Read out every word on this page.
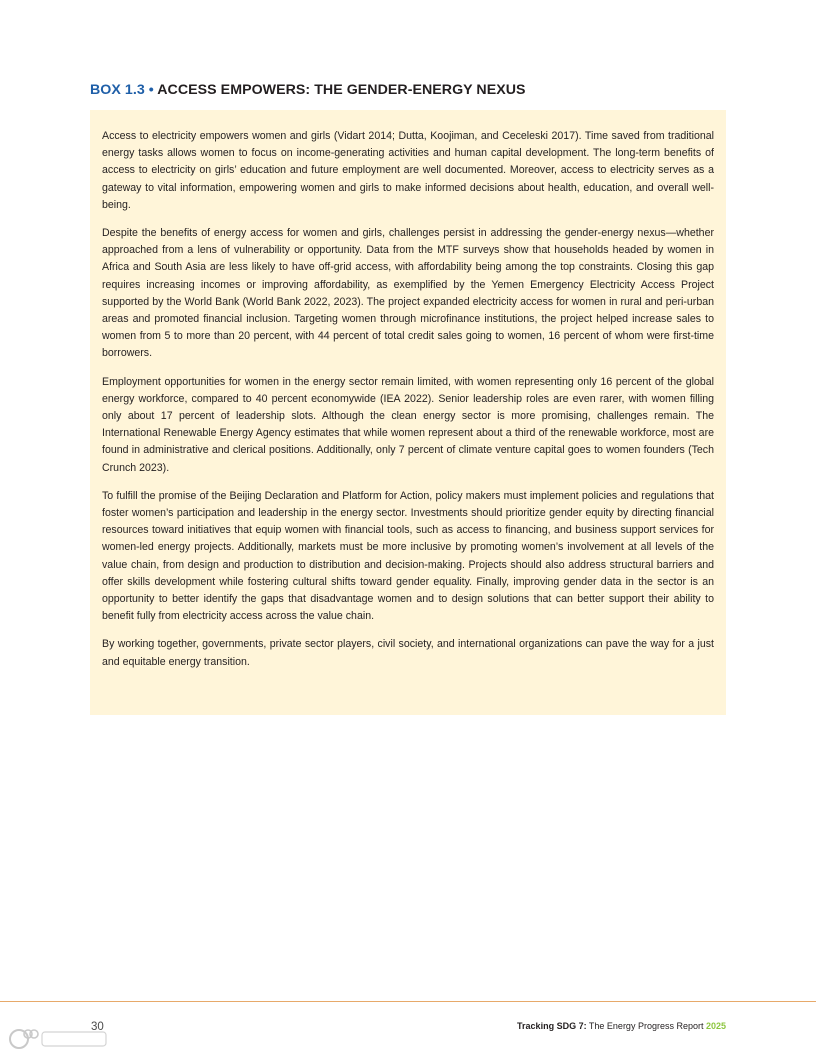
BOX 1.3 • ACCESS EMPOWERS: THE GENDER-ENERGY NEXUS

Access to electricity empowers women and girls (Vidart 2014; Dutta, Koojiman, and Ceceleski 2017). Time saved from traditional energy tasks allows women to focus on income-generating activities and human capital development. The long-term benefits of access to electricity on girls’ education and future employment are well documented. Moreover, access to electricity serves as a gateway to vital information, empowering women and girls to make informed decisions about health, education, and overall well-being.

Despite the benefits of energy access for women and girls, challenges persist in addressing the gender-energy nexus—whether approached from a lens of vulnerability or opportunity. Data from the MTF surveys show that households headed by women in Africa and South Asia are less likely to have off-grid access, with affordability being among the top constraints. Closing this gap requires increasing incomes or improving affordability, as exemplified by the Yemen Emergency Electricity Access Project supported by the World Bank (World Bank 2022, 2023). The project expanded electricity access for women in rural and peri-urban areas and promoted financial inclusion. Targeting women through microfinance institutions, the project helped increase sales to women from 5 to more than 20 percent, with 44 percent of total credit sales going to women, 16 percent of whom were first-time borrowers.

Employment opportunities for women in the energy sector remain limited, with women representing only 16 percent of the global energy workforce, compared to 40 percent economywide (IEA 2022). Senior leadership roles are even rarer, with women filling only about 17 percent of leadership slots. Although the clean energy sector is more promising, challenges remain. The International Renewable Energy Agency estimates that while women represent about a third of the renewable workforce, most are found in administrative and clerical positions. Additionally, only 7 percent of climate venture capital goes to women founders (Tech Crunch 2023).

To fulfill the promise of the Beijing Declaration and Platform for Action, policy makers must implement policies and regulations that foster women’s participation and leadership in the energy sector. Investments should prioritize gender equity by directing financial resources toward initiatives that equip women with financial tools, such as access to financing, and business support services for women-led energy projects. Additionally, markets must be more inclusive by promoting women’s involvement at all levels of the value chain, from design and production to distribution and decision-making. Projects should also address structural barriers and offer skills development while fostering cultural shifts toward gender equality. Finally, improving gender data in the sector is an opportunity to better identify the gaps that disadvantage women and to design solutions that can better support their ability to benefit fully from electricity access across the value chain.

By working together, governments, private sector players, civil society, and international organizations can pave the way for a just and equitable energy transition.

30	Tracking SDG 7: The Energy Progress Report 2025
